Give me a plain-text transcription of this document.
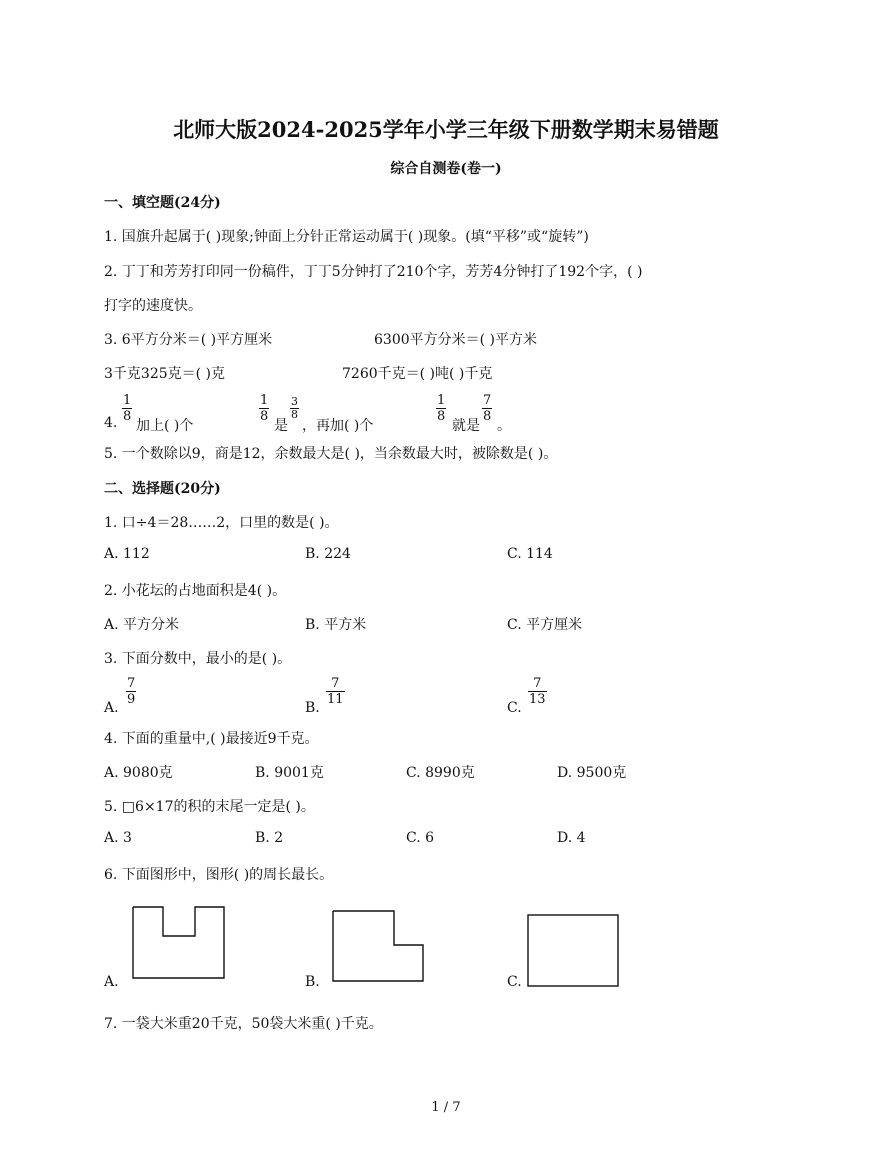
北师大版2024-2025学年小学三年级下册数学期末易错题
综合自测卷(卷一)
一、填空题(24分)
1. 国旗升起属于( )现象;钟面上分针正常运动属于( )现象。(填“平移”或“旋转”)
2. 丁丁和芳芳打印同一份稿件，丁丁5分钟打了210个字，芳芳4分钟打了192个字，( )
打字的速度快。
3. 6平方分米＝( )平方厘米	6300平方分米＝( )平方米
3千克325克＝( )克	7260千克＝( )吨( )千克
4.
1
8
加上( )个
1
8
是
3
8
，再加( )个
1
8
就是
7
8
。
5. 一个数除以9，商是12，余数最大是( )，当余数最大时，被除数是( )。
二、选择题(20分)
1. 口÷4＝28……2，口里的数是( )。
A. 112	B. 224	C. 114
2. 小花坛的占地面积是4( )。
A. 平方分米	B. 平方米	C. 平方厘米
3. 下面分数中，最小的是( )。
A.
7
9
B.
7
11
C.
7
13
4. 下面的重量中,( )最接近9千克。
A. 9080克	B. 9001克	C. 8990克	D. 9500克
5. □6×17的积的末尾一定是( )。
A. 3	B. 2	C. 6	D. 4
6. 下面图形中，图形( )的周长最长。
A.	B.	C.
7. 一袋大米重20千克，50袋大米重( )千克。
1 / 7
